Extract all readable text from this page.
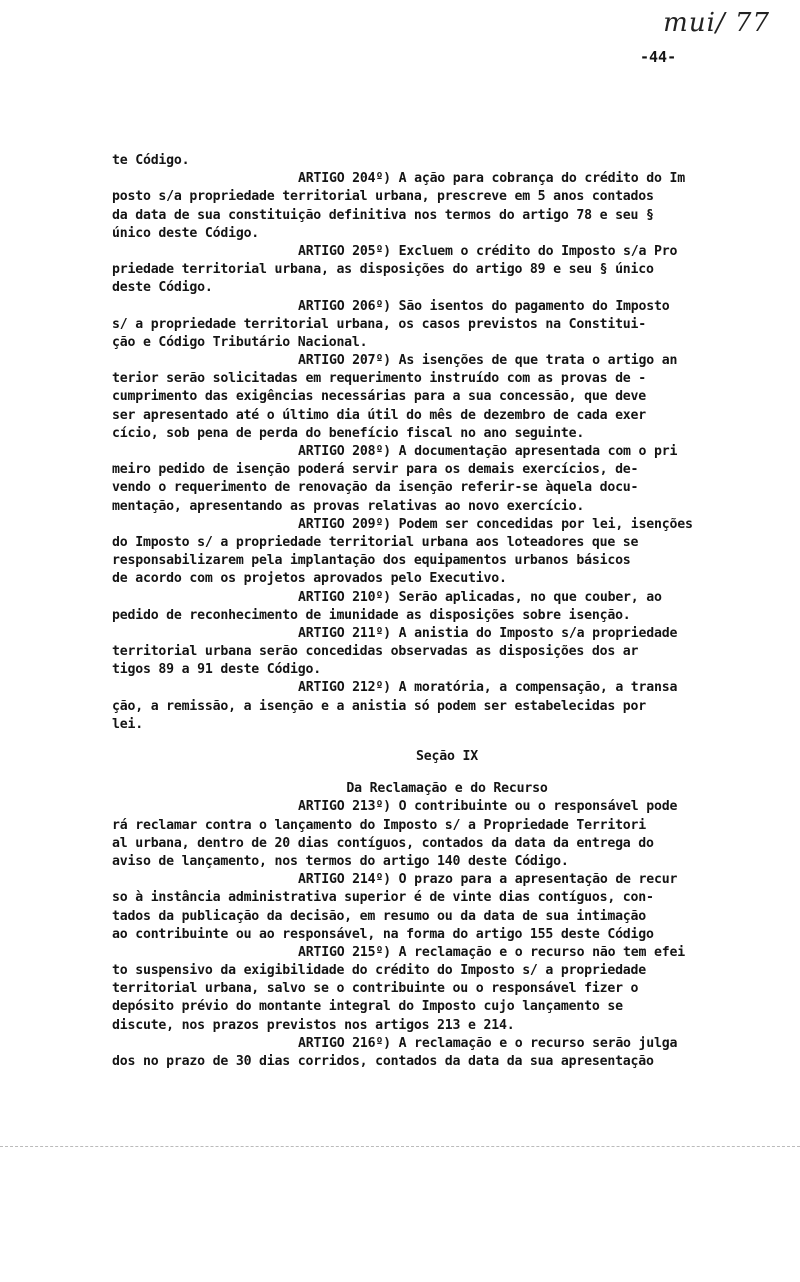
mui/ 77
-44-
te Código.
ARTIGO 204º) A ação para cobrança do crédito do Im
posto s/a propriedade territorial urbana, prescreve em 5 anos contados
da data de sua constituição definitiva nos termos do artigo 78 e seu §
único deste Código.
ARTIGO 205º) Excluem o crédito do Imposto s/a Pro
priedade territorial urbana, as disposições do artigo 89 e seu § único
deste Código.
ARTIGO 206º) São isentos do pagamento do Imposto
s/ a propriedade territorial urbana, os casos previstos na Constitui-
ção e Código Tributário Nacional.
ARTIGO 207º) As isenções de que trata o artigo an
terior serão solicitadas em requerimento instruído com as provas de -
cumprimento das exigências necessárias para a sua concessão, que deve
ser apresentado até o último dia útil do mês de dezembro de cada exer
cício, sob pena de perda do benefício fiscal no ano seguinte.
ARTIGO 208º) A documentação apresentada com o pri
meiro pedido de isenção poderá servir para os demais exercícios, de-
vendo o requerimento de renovação da isenção referir-se àquela docu-
mentação, apresentando as provas relativas ao novo exercício.
ARTIGO 209º) Podem ser concedidas por lei, isenções
do Imposto s/ a propriedade territorial urbana aos loteadores que se
responsabilizarem pela implantação dos equipamentos urbanos básicos
de acordo com os projetos aprovados pelo Executivo.
ARTIGO 210º) Serão aplicadas, no que couber, ao
pedido de reconhecimento de imunidade as disposições sobre isenção.
ARTIGO 211º) A anistia do Imposto s/a propriedade
territorial urbana serão concedidas observadas as disposições dos ar
tigos 89 a 91 deste Código.
ARTIGO 212º) A moratória, a compensação, a transa
ção, a remissão, a isenção e a anistia só podem ser estabelecidas por
lei.
Seção IX
Da Reclamação e do Recurso
ARTIGO 213º) O contribuinte ou o responsável pode
rá reclamar contra o lançamento do Imposto s/ a Propriedade Territori
al urbana, dentro de 20 dias contíguos, contados da data da entrega do
aviso de lançamento, nos termos do artigo 140 deste Código.
ARTIGO 214º) O prazo para a apresentação de recur
so à instância administrativa superior é de vinte dias contíguos, con-
tados da publicação da decisão, em resumo ou da data de sua intimação
ao contribuinte ou ao responsável, na forma do artigo 155 deste Código
ARTIGO 215º) A reclamação e o recurso não tem efei
to suspensivo da exigibilidade do crédito do Imposto s/ a propriedade
territorial urbana, salvo se o contribuinte ou o responsável fizer o
depósito prévio do montante integral do Imposto cujo lançamento se
discute, nos prazos previstos nos artigos 213 e 214.
ARTIGO 216º) A reclamação e o recurso serão julga
dos no prazo de 30 dias corridos, contados da data da sua apresentação
